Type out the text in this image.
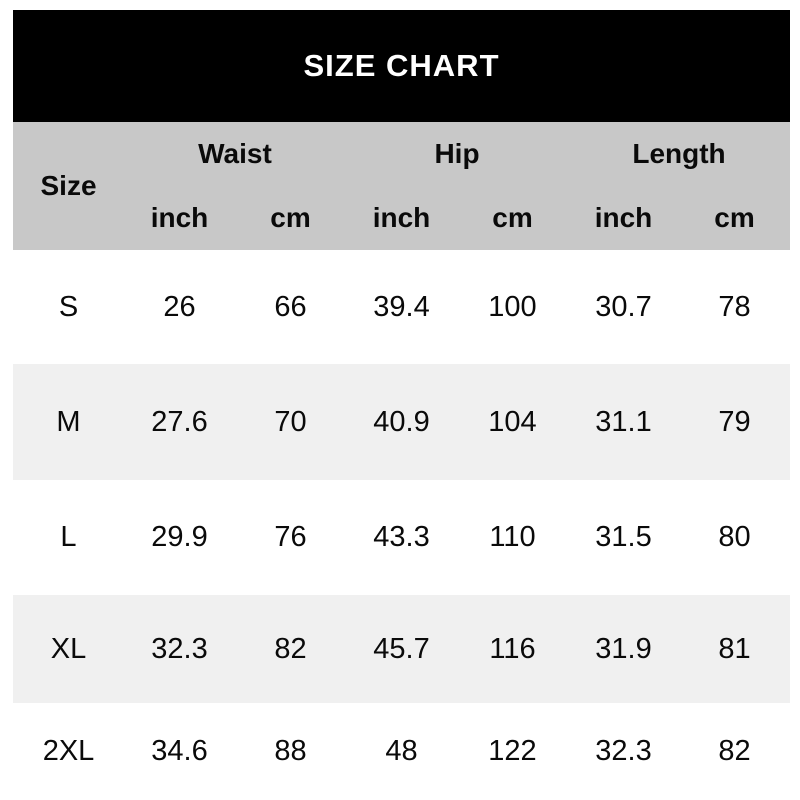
SIZE CHART
Size
Waist	Hip	Length
inch	cm	inch	cm	inch	cm
S	26	66	39.4	100	30.7	78
M	27.6	70	40.9	104	31.1	79
L	29.9	76	43.3	110	31.5	80
XL	32.3	82	45.7	116	31.9	81
2XL	34.6	88	48	122	32.3	82
